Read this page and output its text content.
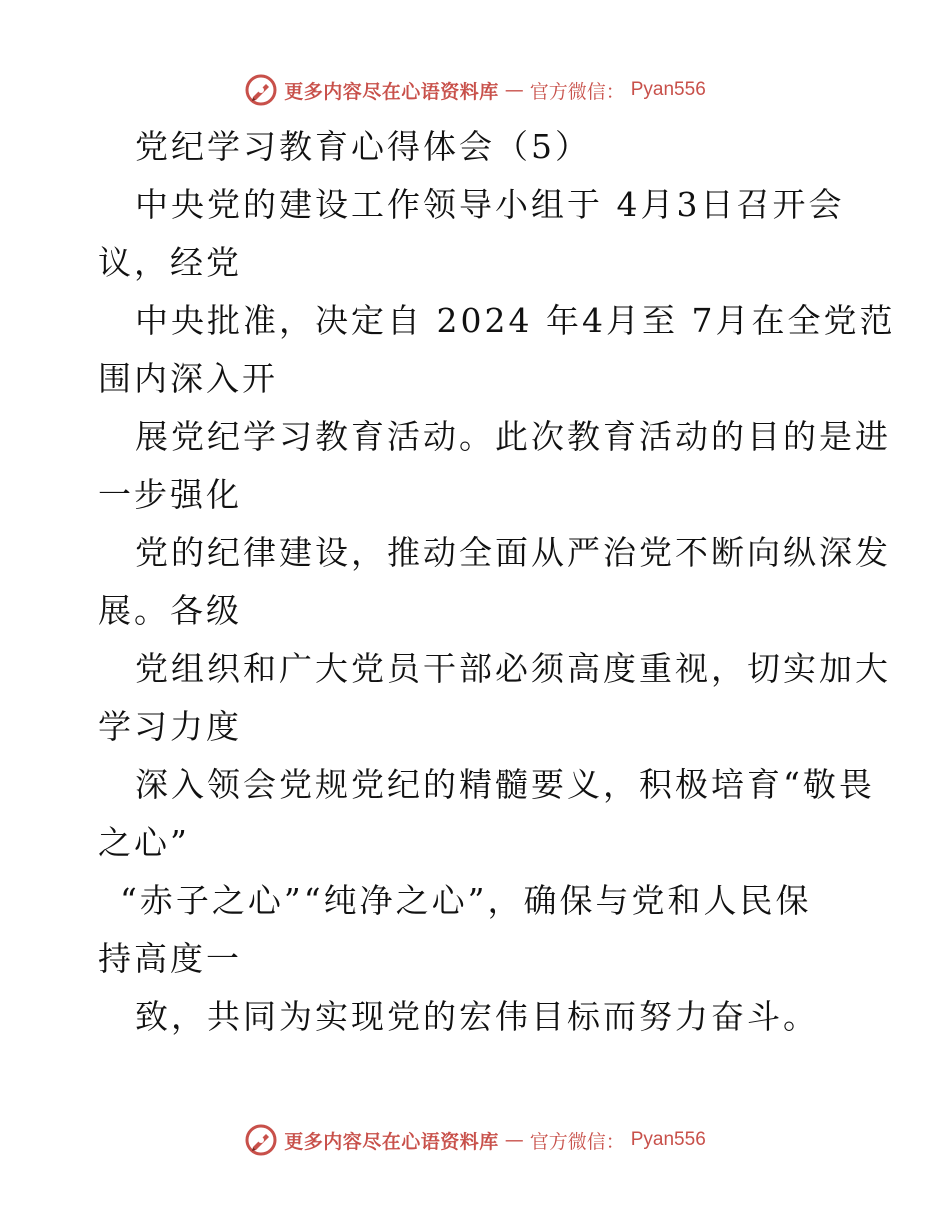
更多内容尽在心语资料库 — 官方微信： Pyan556
党纪学习教育心得体会（5）
中央党的建设工作领导小组于 4月3日召开会
议，经党
中央批准，决定自 2024 年4月至 7月在全党范
围内深入开
展党纪学习教育活动。此次教育活动的目的是进
一步强化
党的纪律建设，推动全面从严治党不断向纵深发
展。各级
党组织和广大党员干部必须高度重视，切实加大
学习力度
深入领会党规党纪的精髓要义，积极培育“敬畏
之心”
“赤子之心”“纯净之心”，确保与党和人民保
持高度一
致，共同为实现党的宏伟目标而努力奋斗。
更多内容尽在心语资料库 — 官方微信： Pyan556
